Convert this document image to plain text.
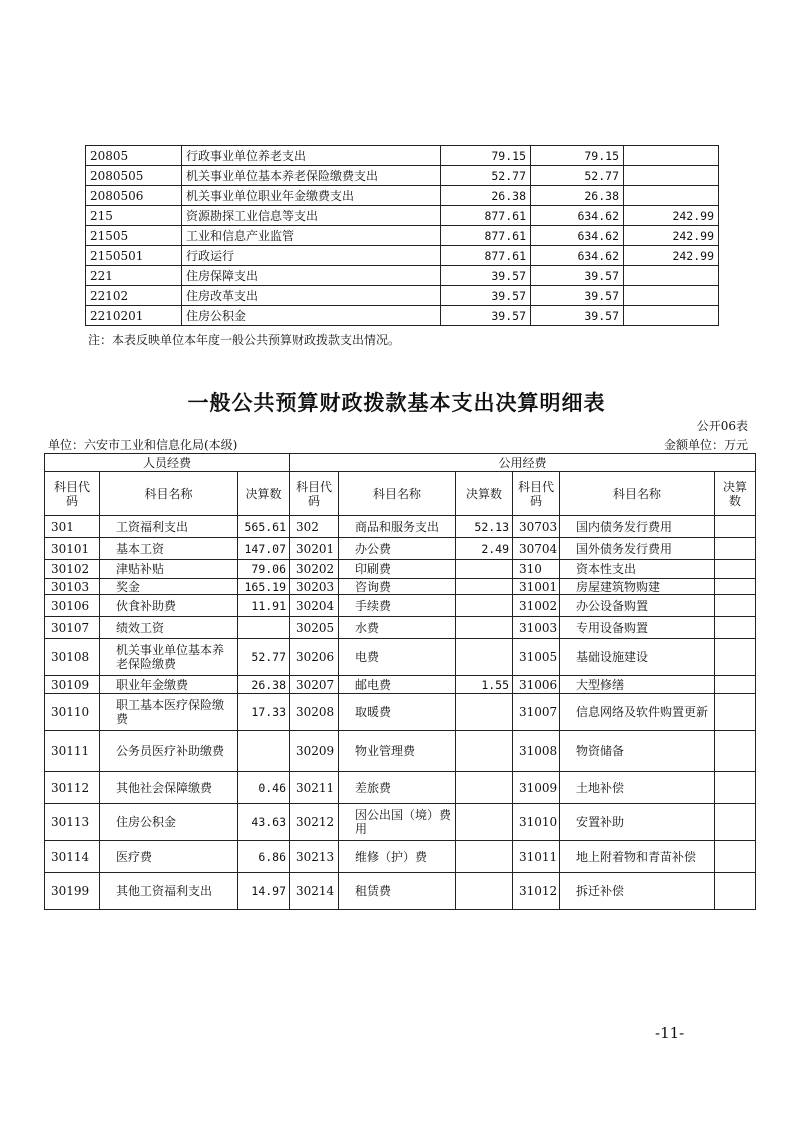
20805	行政事业单位养老支出	79.15	79.15	
2080505	机关事业单位基本养老保险缴费支出	52.77	52.77	
2080506	机关事业单位职业年金缴费支出	26.38	26.38	
215	资源勘探工业信息等支出	877.61	634.62	242.99
21505	工业和信息产业监管	877.61	634.62	242.99
2150501	行政运行	877.61	634.62	242.99
221	住房保障支出	39.57	39.57	
22102	住房改革支出	39.57	39.57	
2210201	住房公积金	39.57	39.57	
注：本表反映单位本年度一般公共预算财政拨款支出情况。
一般公共预算财政拨款基本支出决算明细表
公开06表
单位：六安市工业和信息化局(本级)	金额单位：万元
人员经费			公用经费					
科目代码	科目名称	决算数	科目代码	科目名称	决算数	科目代码	科目名称	决算数
301	工资福利支出	565.61	302	商品和服务支出	52.13	30703	国内债务发行费用	
30101	基本工资	147.07	30201	办公费	2.49	30704	国外债务发行费用	
30102	津贴补贴	79.06	30202	印刷费		310	资本性支出	
30103	奖金	165.19	30203	咨询费		31001	房屋建筑物购建	
30106	伙食补助费	11.91	30204	手续费		31002	办公设备购置	
30107	绩效工资		30205	水费		31003	专用设备购置	
30108	机关事业单位基本养老保险缴费	52.77	30206	电费		31005	基础设施建设	
30109	职业年金缴费	26.38	30207	邮电费	1.55	31006	大型修缮	
30110	职工基本医疗保险缴费	17.33	30208	取暖费		31007	信息网络及软件购置更新	
30111	公务员医疗补助缴费		30209	物业管理费		31008	物资储备	
30112	其他社会保障缴费	0.46	30211	差旅费		31009	土地补偿	
30113	住房公积金	43.63	30212	因公出国（境）费用		31010	安置补助	
30114	医疗费	6.86	30213	维修（护）费		31011	地上附着物和青苗补偿	
30199	其他工资福利支出	14.97	30214	租赁费		31012	拆迁补偿	
-11-
